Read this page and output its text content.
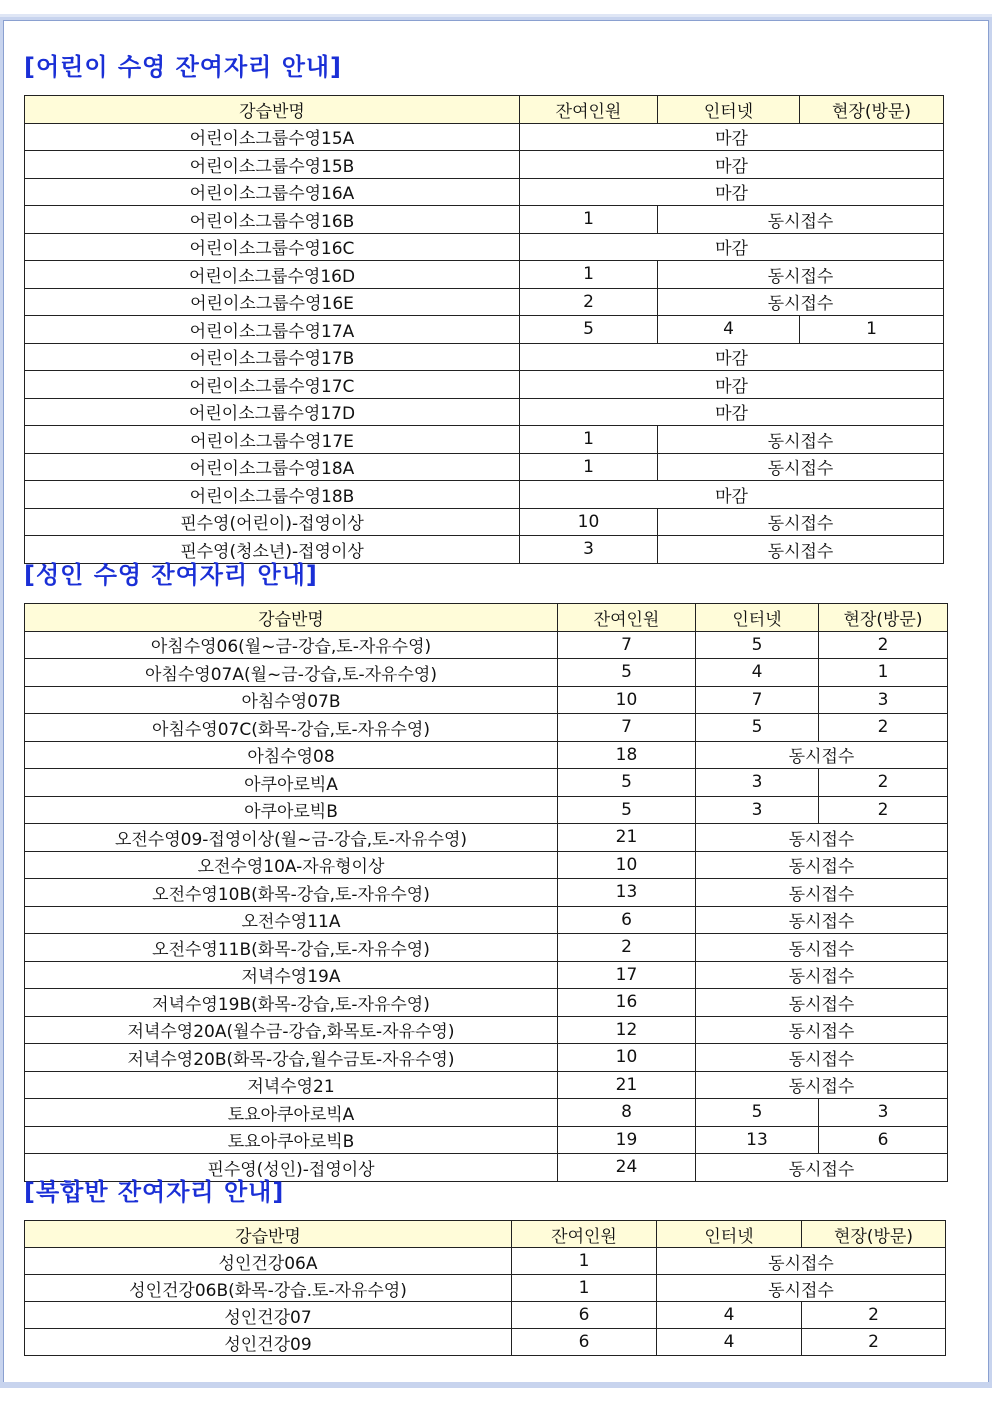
[어린이 수영 잔여자리 안내]
강습반명	잔여인원	인터넷	현장(방문)
어린이소그룹수영15A	마감		
어린이소그룹수영15B	마감		
어린이소그룹수영16A	마감		
어린이소그룹수영16B	1	동시접수	
어린이소그룹수영16C	마감		
어린이소그룹수영16D	1	동시접수	
어린이소그룹수영16E	2	동시접수	
어린이소그룹수영17A	5	4	1
어린이소그룹수영17B	마감		
어린이소그룹수영17C	마감		
어린이소그룹수영17D	마감		
어린이소그룹수영17E	1	동시접수	
어린이소그룹수영18A	1	동시접수	
어린이소그룹수영18B	마감		
핀수영(어린이)-접영이상	10	동시접수	
핀수영(청소년)-접영이상	3	동시접수	
[성인 수영 잔여자리 안내]
강습반명	잔여인원	인터넷	현장(방문)
아침수영06(월~금-강습,토-자유수영)	7	5	2
아침수영07A(월~금-강습,토-자유수영)	5	4	1
아침수영07B	10	7	3
아침수영07C(화목-강습,토-자유수영)	7	5	2
아침수영08	18	동시접수	
아쿠아로빅A	5	3	2
아쿠아로빅B	5	3	2
오전수영09-접영이상(월~금-강습,토-자유수영)	21	동시접수	
오전수영10A-자유형이상	10	동시접수	
오전수영10B(화목-강습,토-자유수영)	13	동시접수	
오전수영11A	6	동시접수	
오전수영11B(화목-강습,토-자유수영)	2	동시접수	
저녁수영19A	17	동시접수	
저녁수영19B(화목-강습,토-자유수영)	16	동시접수	
저녁수영20A(월수금-강습,화목토-자유수영)	12	동시접수	
저녁수영20B(화목-강습,월수금토-자유수영)	10	동시접수	
저녁수영21	21	동시접수	
토요아쿠아로빅A	8	5	3
토요아쿠아로빅B	19	13	6
핀수영(성인)-접영이상	24	동시접수	
[복합반 잔여자리 안내]
강습반명	잔여인원	인터넷	현장(방문)
성인건강06A	1	동시접수	
성인건강06B(화목-강습.토-자유수영)	1	동시접수	
성인건강07	6	4	2
성인건강09	6	4	2
